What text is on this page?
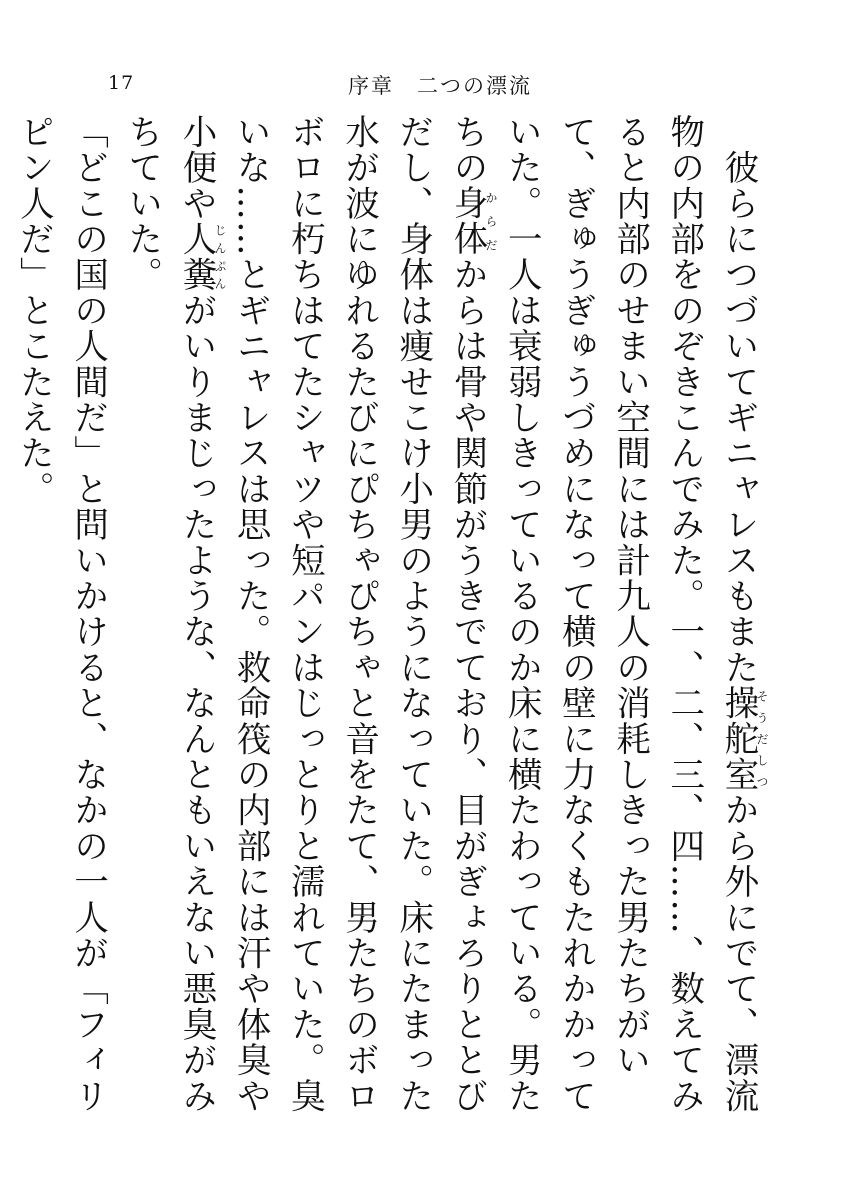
17	序章　二つの漂流

　彼らにつづいてギニャレスもまた操舵室そうだしつから外にでて、漂流物の内部をのぞきこんでみた。一、二、三、四……、数えてみると内部のせまい空間には計九人の消耗しきった男たちがいて、ぎゅうぎゅうづめになって横の壁に力なくもたれかかっていた。一人は衰弱しきっているのか床に横たわっている。男たちの身体からだからは骨や関節がうきでており、目がぎょろりととびだし、身体は痩せこけ小男のようになっていた。床にたまった水が波にゆれるたびにぴちゃぴちゃと音をたて、男たちのボロボロに朽ちはてたシャツや短パンはじっとりと濡れていた。臭いな……とギニャレスは思った。救命筏の内部には汗や体臭や小便や人糞じんぷんがいりまじったような、なんともいえない悪臭がみちていた。

「どこの国の人間だ」と問いかけると、なかの一人が「フィリピン人だ」とこたえた。
